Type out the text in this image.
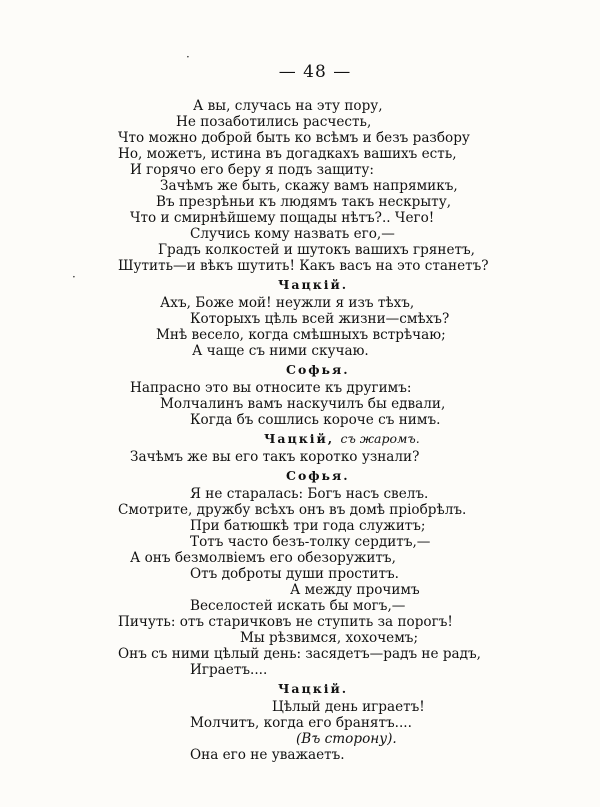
— 48 —
А вы, случась на эту пору,
Не позаботились расчесть,
Что можно доброй быть ко всѣмъ и безъ разбору
Но, можетъ, истина въ догадкахъ вашихъ есть,
И горячо его беру я подъ защиту:
Зачѣмъ же быть, скажу вамъ напрямикъ,
Въ презрѣньи къ людямъ такъ нескрыту,
Что и смирнѣйшему пощады нѣтъ?.. Чего!
Случись кому назвать его,—
Градъ колкостей и шутокъ вашихъ грянетъ,
Шутить—и вѣкъ шутить! Какъ васъ на это станетъ?
Чацкій.
Ахъ, Боже мой! неужли я изъ тѣхъ,
Которыхъ цѣль всей жизни—смѣхъ?
Мнѣ весело, когда смѣшныхъ встрѣчаю;
А чаще съ ними скучаю.
Софья.
Напрасно это вы относите къ другимъ:
Молчалинъ вамъ наскучилъ бы едвали,
Когда бъ сошлись короче съ нимъ.
Чацкій, съ жаромъ.
Зачѣмъ же вы его такъ коротко узнали?
Софья.
Я не старалась: Богъ насъ свелъ.
Смотрите, дружбу всѣхъ онъ въ домѣ пріобрѣлъ.
При батюшкѣ три года служитъ;
Тотъ часто безъ-толку сердитъ,—
А онъ безмолвіемъ его обезоружитъ,
Отъ доброты души проститъ.
А между прочимъ
Веселостей искать бы могъ,—
Пичуть: отъ старичковъ не ступить за порогъ!
Мы рѣзвимся, хохочемъ;
Онъ съ ними цѣлый день: засядетъ—радъ не радъ,
Играетъ....
Чацкій.
Цѣлый день играетъ!
Молчитъ, когда его бранятъ....
(Въ сторону).
Она его не уважаетъ.
·
·
